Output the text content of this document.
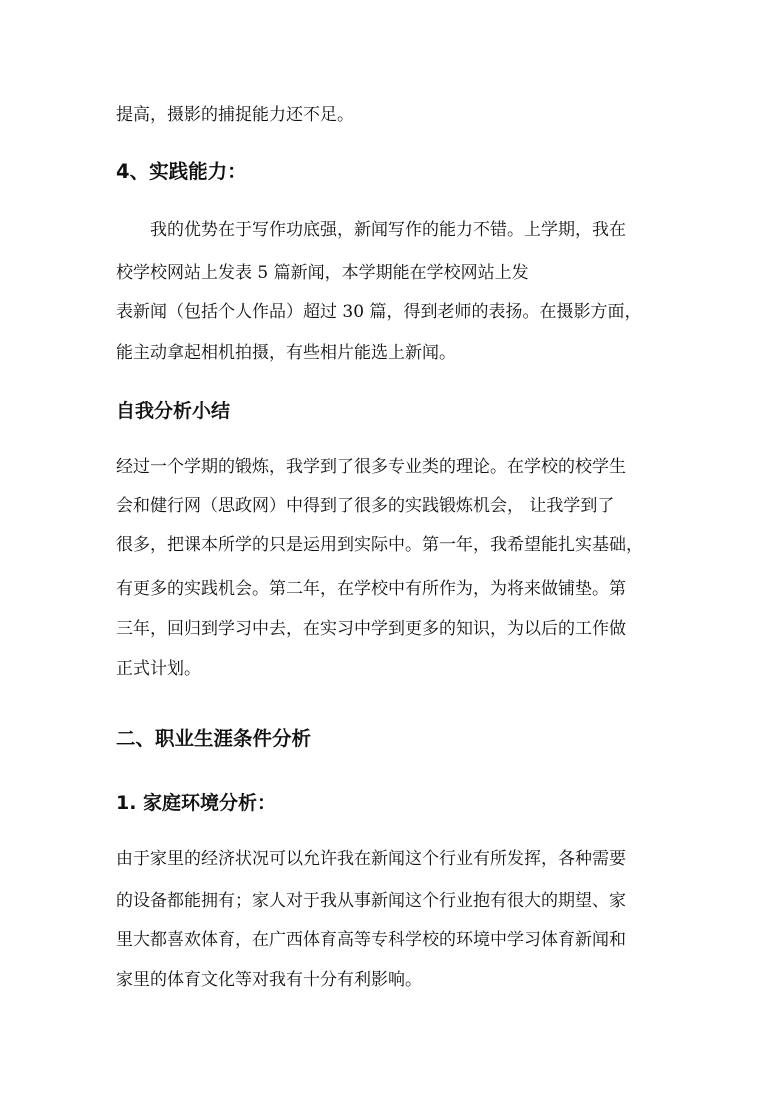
提高，摄影的捕捉能力还不足。
4、实践能力：
我的优势在于写作功底强，新闻写作的能力不错。上学期，我在
校学校网站上发表 5 篇新闻，本学期能在学校网站上发
表新闻（包括个人作品）超过 30 篇，得到老师的表扬。在摄影方面，
能主动拿起相机拍摄，有些相片能选上新闻。
自我分析小结
经过一个学期的锻炼，我学到了很多专业类的理论。在学校的校学生
会和健行网（思政网）中得到了很多的实践锻炼机会， 让我学到了
很多，把课本所学的只是运用到实际中。第一年，我希望能扎实基础，
有更多的实践机会。第二年，在学校中有所作为，为将来做铺垫。第
三年，回归到学习中去，在实习中学到更多的知识，为以后的工作做
正式计划。
二、职业生涯条件分析
1. 家庭环境分析：
由于家里的经济状况可以允许我在新闻这个行业有所发挥，各种需要
的设备都能拥有；家人对于我从事新闻这个行业抱有很大的期望、家
里大都喜欢体育，在广西体育高等专科学校的环境中学习体育新闻和
家里的体育文化等对我有十分有利影响。
